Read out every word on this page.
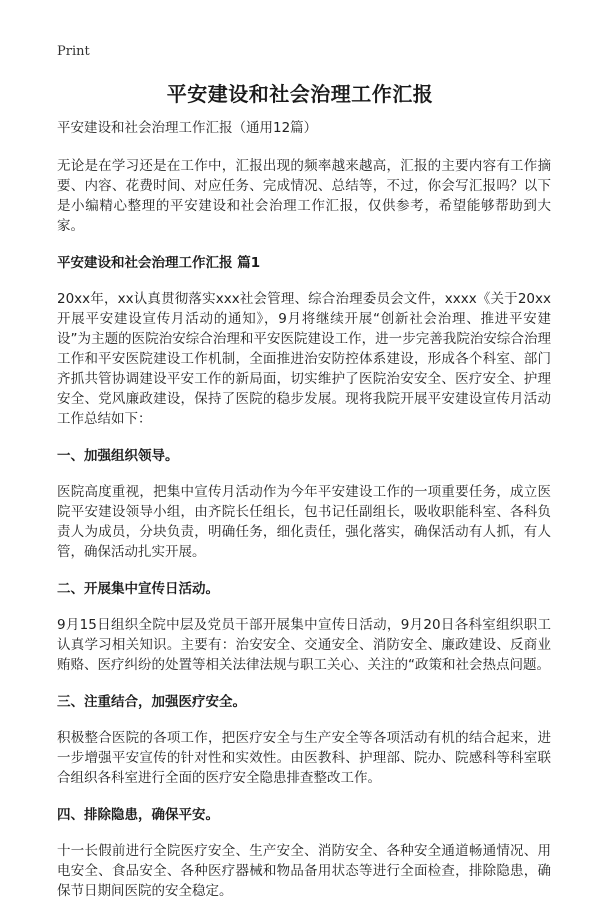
Print
平安建设和社会治理工作汇报

平安建设和社会治理工作汇报（通用12篇）

无论是在学习还是在工作中，汇报出现的频率越来越高，汇报的主要内容有工作摘要、内容、花费时间、对应任务、完成情况、总结等，不过，你会写汇报吗？以下是小编精心整理的平安建设和社会治理工作汇报，仅供参考，希望能够帮助到大家。

平安建设和社会治理工作汇报 篇1

20xx年，xx认真贯彻落实xxx社会管理、综合治理委员会文件，xxxx《关于20xx开展平安建设宣传月活动的通知》，9月将继续开展“创新社会治理、推进平安建设”为主题的医院治安综合治理和平安医院建设工作，进一步完善我院治安综合治理工作和平安医院建设工作机制，全面推进治安防控体系建设，形成各个科室、部门齐抓共管协调建设平安工作的新局面，切实维护了医院治安安全、医疗安全、护理安全、党风廉政建设，保持了医院的稳步发展。现将我院开展平安建设宣传月活动工作总结如下：

一、加强组织领导。

医院高度重视，把集中宣传月活动作为今年平安建设工作的一项重要任务，成立医院平安建设领导小组，由齐院长任组长，包书记任副组长，吸收职能科室、各科负责人为成员，分块负责，明确任务，细化责任，强化落实，确保活动有人抓，有人管，确保活动扎实开展。

二、开展集中宣传日活动。

9月15日组织全院中层及党员干部开展集中宣传日活动，9月20日各科室组织职工认真学习相关知识。主要有：治安安全、交通安全、消防安全、廉政建设、反商业贿赂、医疗纠纷的处置等相关法律法规与职工关心、关注的“政策和社会热点问题。

三、注重结合，加强医疗安全。

积极整合医院的各项工作，把医疗安全与生产安全等各项活动有机的结合起来，进一步增强平安宣传的针对性和实效性。由医教科、护理部、院办、院感科等科室联合组织各科室进行全面的医疗安全隐患排查整改工作。

四、排除隐患，确保平安。

十一长假前进行全院医疗安全、生产安全、消防安全、各种安全通道畅通情况、用电安全、食品安全、各种医疗器械和物品备用状态等进行全面检查，排除隐患，确保节日期间医院的安全稳定。
